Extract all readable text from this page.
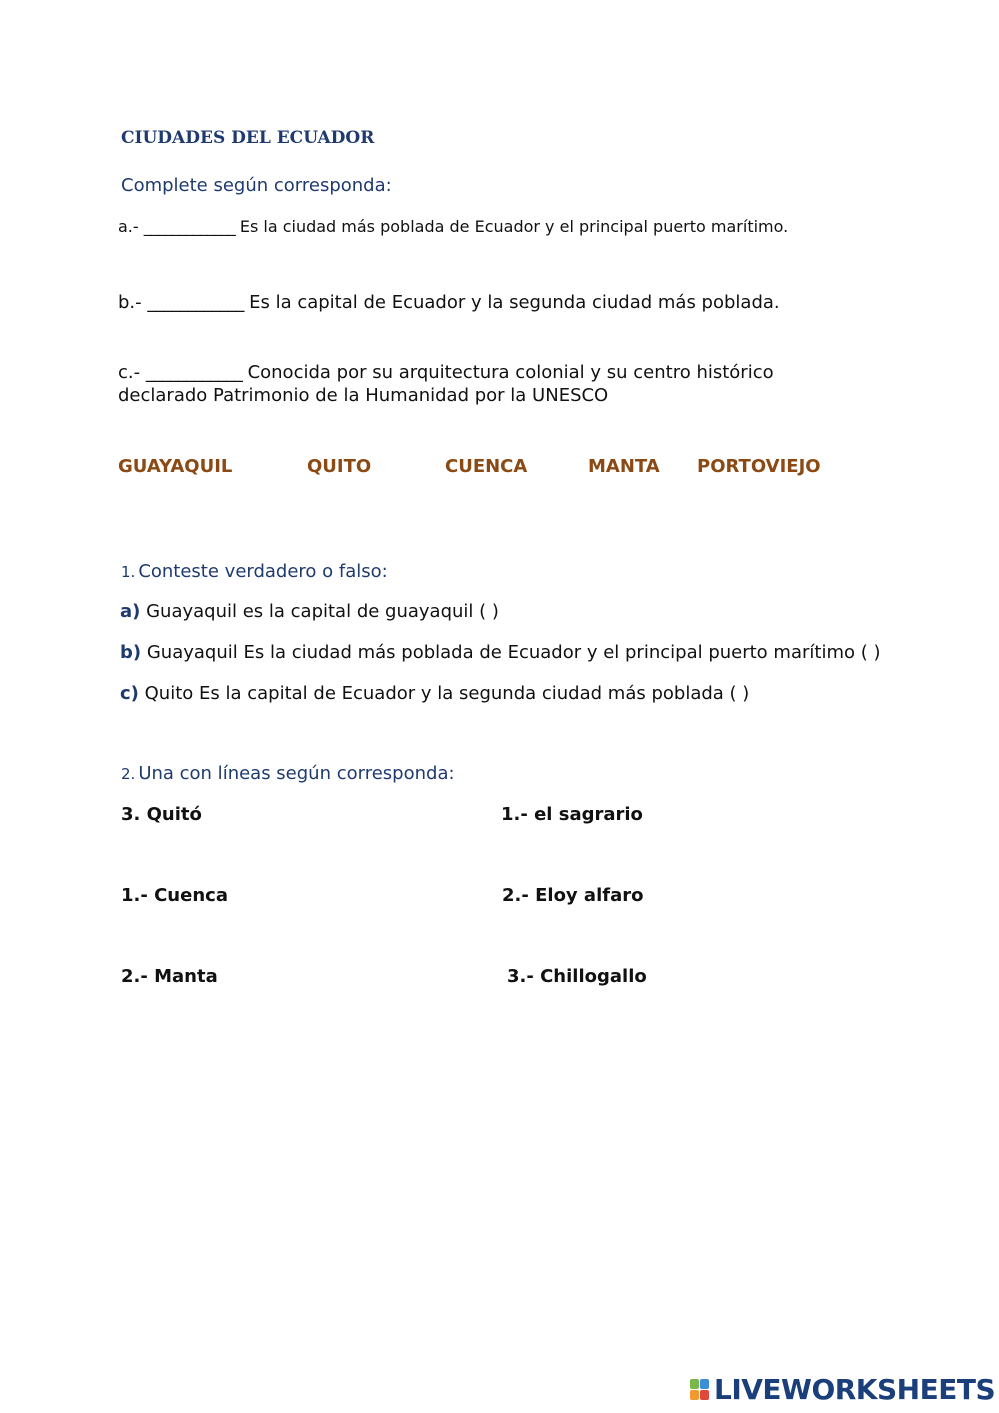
CIUDADES DEL ECUADOR
Complete según corresponda:
a.- _____________ Es la ciudad más poblada de Ecuador y el principal puerto marítimo.
b.- ____________ Es la capital de Ecuador y la segunda ciudad más poblada.
c.- ____________ Conocida por su arquitectura colonial y su centro histórico
declarado Patrimonio de la Humanidad por la UNESCO
GUAYAQUIL	QUITO	CUENCA	MANTA PORTOVIEJO
1. Conteste verdadero o falso:
a) Guayaquil es la capital de guayaquil ( )
b) Guayaquil Es la ciudad más poblada de Ecuador y el principal puerto marítimo ( )
c) Quito Es la capital de Ecuador y la segunda ciudad más poblada ( )
2. Una con líneas según corresponda:
3. Quitó	1.- el sagrario
1.- Cuenca	2.- Eloy alfaro
2.- Manta	3.- Chillogallo
LIVEWORKSHEETS
